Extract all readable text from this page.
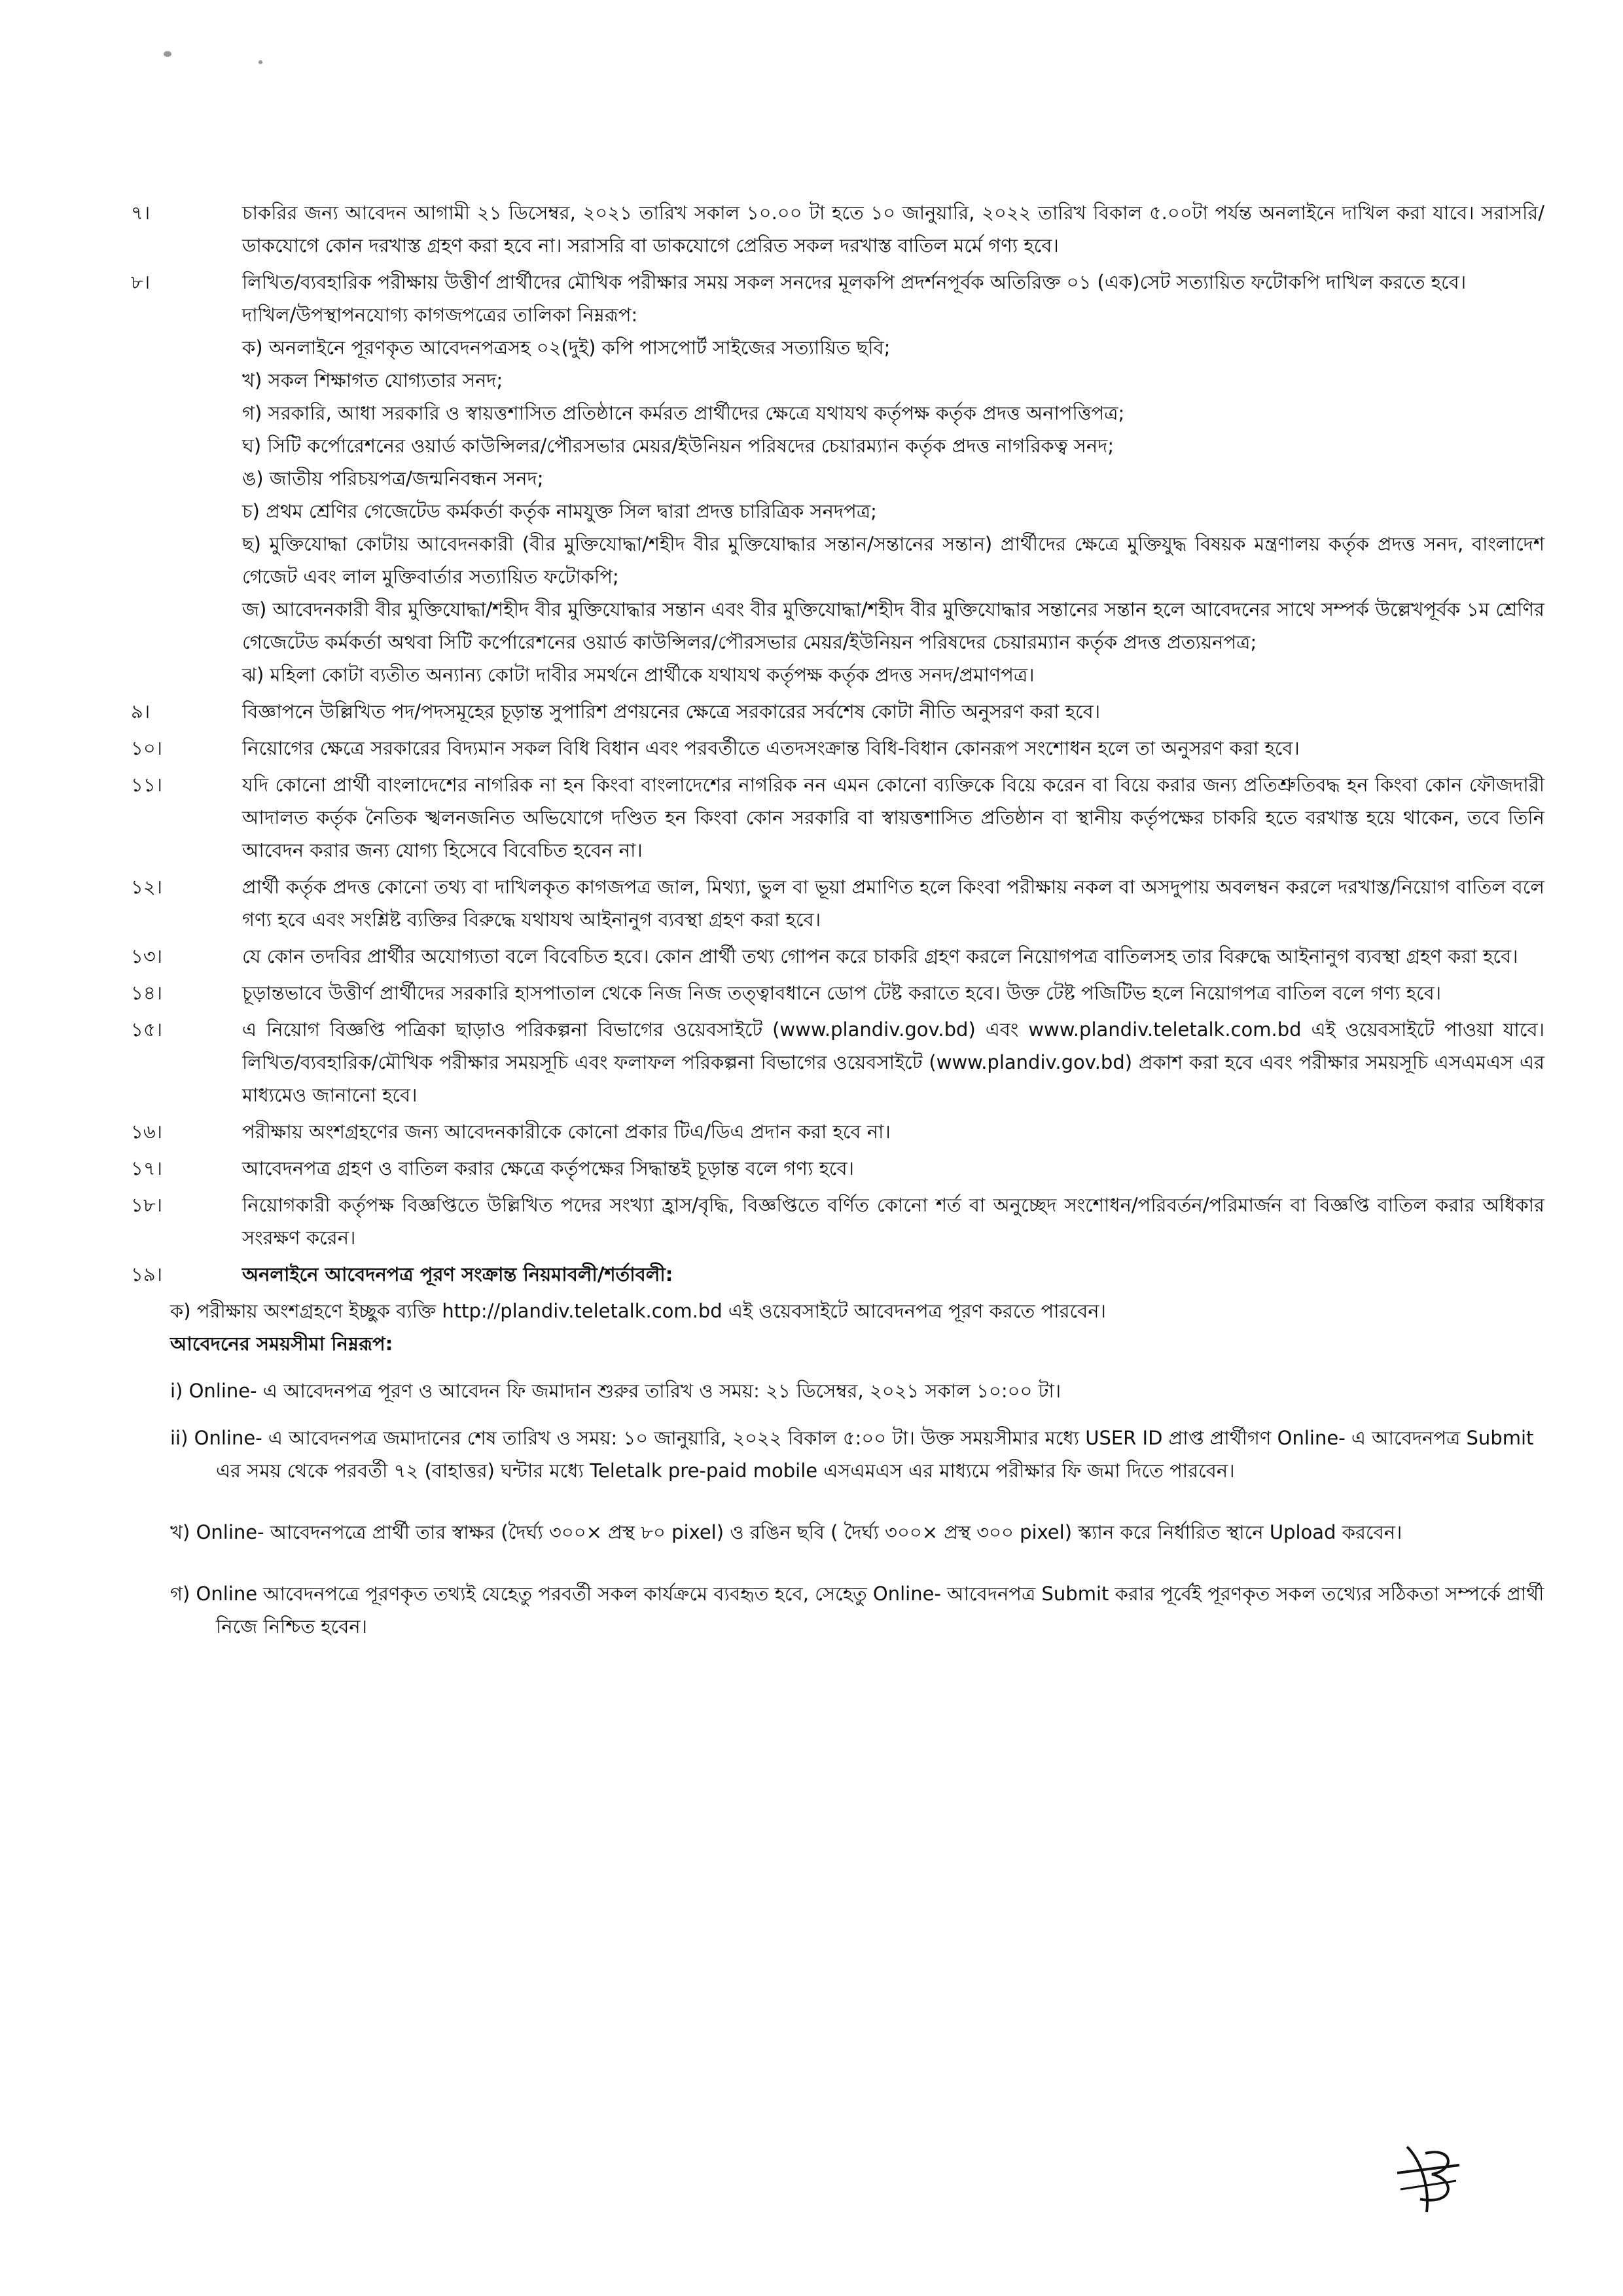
৭।	চাকরির জন্য আবেদন আগামী ২১ ডিসেম্বর, ২০২১ তারিখ সকাল ১০.০০ টা হতে ১০ জানুয়ারি, ২০২২ তারিখ বিকাল ৫.০০টা পর্যন্ত অনলাইনে দাখিল করা যাবে। সরাসরি/ডাকযোগে কোন দরখাস্ত গ্রহণ করা হবে না। সরাসরি বা ডাকযোগে প্রেরিত সকল দরখাস্ত বাতিল মর্মে গণ্য হবে।
৮।	লিখিত/ব্যবহারিক পরীক্ষায় উত্তীর্ণ প্রার্থীদের মৌখিক পরীক্ষার সময় সকল সনদের মূলকপি প্রদর্শনপূর্বক অতিরিক্ত ০১ (এক)সেট সত্যায়িত ফটোকপি দাখিল করতে হবে।

দাখিল/উপস্থাপনযোগ্য কাগজপত্রের তালিকা নিম্নরূপ:

ক) অনলাইনে পূরণকৃত আবেদনপত্রসহ ০২(দুই) কপি পাসপোর্ট সাইজের সত্যায়িত ছবি;

খ) সকল শিক্ষাগত যোগ্যতার সনদ;

গ) সরকারি, আধা সরকারি ও স্বায়ত্তশাসিত প্রতিষ্ঠানে কর্মরত প্রার্থীদের ক্ষেত্রে যথাযথ কর্তৃপক্ষ কর্তৃক প্রদত্ত অনাপত্তিপত্র;

ঘ) সিটি কর্পোরেশনের ওয়ার্ড কাউন্সিলর/পৌরসভার মেয়র/ইউনিয়ন পরিষদের চেয়ারম্যান কর্তৃক প্রদত্ত নাগরিকত্ব সনদ;

ঙ) জাতীয় পরিচয়পত্র/জন্মনিবন্ধন সনদ;

চ) প্রথম শ্রেণির গেজেটেড কর্মকর্তা কর্তৃক নামযুক্ত সিল দ্বারা প্রদত্ত চারিত্রিক সনদপত্র;

ছ) মুক্তিযোদ্ধা কোটায় আবেদনকারী (বীর মুক্তিযোদ্ধা/শহীদ বীর মুক্তিযোদ্ধার সন্তান/সন্তানের সন্তান) প্রার্থীদের ক্ষেত্রে মুক্তিযুদ্ধ বিষয়ক মন্ত্রণালয় কর্তৃক প্রদত্ত সনদ, বাংলাদেশ গেজেট এবং লাল মুক্তিবার্তার সত্যায়িত ফটোকপি;

জ) আবেদনকারী বীর মুক্তিযোদ্ধা/শহীদ বীর মুক্তিযোদ্ধার সন্তান এবং বীর মুক্তিযোদ্ধা/শহীদ বীর মুক্তিযোদ্ধার সন্তানের সন্তান হলে আবেদনের সাথে সম্পর্ক উল্লেখপূর্বক ১ম শ্রেণির গেজেটেড কর্মকর্তা অথবা সিটি কর্পোরেশনের ওয়ার্ড কাউন্সিলর/পৌরসভার মেয়র/ইউনিয়ন পরিষদের চেয়ারম্যান কর্তৃক প্রদত্ত প্রত্যয়নপত্র;

ঝ) মহিলা কোটা ব্যতীত অন্যান্য কোটা দাবীর সমর্থনে প্রার্থীকে যথাযথ কর্তৃপক্ষ কর্তৃক প্রদত্ত সনদ/প্রমাণপত্র।

৯।	বিজ্ঞাপনে উল্লিখিত পদ/পদসমূহের চূড়ান্ত সুপারিশ প্রণয়নের ক্ষেত্রে সরকারের সর্বশেষ কোটা নীতি অনুসরণ করা হবে।
১০।	নিয়োগের ক্ষেত্রে সরকারের বিদ্যমান সকল বিধি বিধান এবং পরবর্তীতে এতদসংক্রান্ত বিধি-বিধান কোনরূপ সংশোধন হলে তা অনুসরণ করা হবে।
১১।	যদি কোনো প্রার্থী বাংলাদেশের নাগরিক না হন কিংবা বাংলাদেশের নাগরিক নন এমন কোনো ব্যক্তিকে বিয়ে করেন বা বিয়ে করার জন্য প্রতিশ্রুতিবদ্ধ হন কিংবা কোন ফৌজদারী আদালত কর্তৃক নৈতিক স্খলনজনিত অভিযোগে দণ্ডিত হন কিংবা কোন সরকারি বা স্বায়ত্তশাসিত প্রতিষ্ঠান বা স্থানীয় কর্তৃপক্ষের চাকরি হতে বরখাস্ত হয়ে থাকেন, তবে তিনি আবেদন করার জন্য যোগ্য হিসেবে বিবেচিত হবেন না।
১২।	প্রার্থী কর্তৃক প্রদত্ত কোনো তথ্য বা দাখিলকৃত কাগজপত্র জাল, মিথ্যা, ভুল বা ভূয়া প্রমাণিত হলে কিংবা পরীক্ষায় নকল বা অসদুপায় অবলম্বন করলে দরখাস্ত/নিয়োগ বাতিল বলে গণ্য হবে এবং সংশ্লিষ্ট ব্যক্তির বিরুদ্ধে যথাযথ আইনানুগ ব্যবস্থা গ্রহণ করা হবে।
১৩।	যে কোন তদবির প্রার্থীর অযোগ্যতা বলে বিবেচিত হবে। কোন প্রার্থী তথ্য গোপন করে চাকরি গ্রহণ করলে নিয়োগপত্র বাতিলসহ তার বিরুদ্ধে আইনানুগ ব্যবস্থা গ্রহণ করা হবে।
১৪।	চূড়ান্তভাবে উত্তীর্ণ প্রার্থীদের সরকারি হাসপাতাল থেকে নিজ নিজ তত্ত্বাবধানে ডোপ টেষ্ট করাতে হবে। উক্ত টেষ্ট পজিটিভ হলে নিয়োগপত্র বাতিল বলে গণ্য হবে।
১৫।	এ নিয়োগ বিজ্ঞপ্তি পত্রিকা ছাড়াও পরিকল্পনা বিভাগের ওয়েবসাইটে (www.plandiv.gov.bd) এবং www.plandiv.teletalk.com.bd এই ওয়েবসাইটে পাওয়া যাবে। লিখিত/ব্যবহারিক/মৌখিক পরীক্ষার সময়সূচি এবং ফলাফল পরিকল্পনা বিভাগের ওয়েবসাইটে (www.plandiv.gov.bd) প্রকাশ করা হবে এবং পরীক্ষার সময়সূচি এসএমএস এর মাধ্যমেও জানানো হবে।
১৬।	পরীক্ষায় অংশগ্রহণের জন্য আবেদনকারীকে কোনো প্রকার টিএ/ডিএ প্রদান করা হবে না।
১৭।	আবেদনপত্র গ্রহণ ও বাতিল করার ক্ষেত্রে কর্তৃপক্ষের সিদ্ধান্তই চূড়ান্ত বলে গণ্য হবে।
১৮।	নিয়োগকারী কর্তৃপক্ষ বিজ্ঞপ্তিতে উল্লিখিত পদের সংখ্যা হ্রাস/বৃদ্ধি, বিজ্ঞপ্তিতে বর্ণিত কোনো শর্ত বা অনুচ্ছেদ সংশোধন/পরিবর্তন/পরিমার্জন বা বিজ্ঞপ্তি বাতিল করার অধিকার সংরক্ষণ করেন।
১৯।	অনলাইনে আবেদনপত্র পূরণ সংক্রান্ত নিয়মাবলী/শর্তাবলী:

ক) পরীক্ষায় অংশগ্রহণে ইচ্ছুক ব্যক্তি http://plandiv.teletalk.com.bd এই ওয়েবসাইটে আবেদনপত্র পূরণ করতে পারবেন।

আবেদনের সময়সীমা নিম্নরূপ:

i) Online- এ আবেদনপত্র পূরণ ও আবেদন ফি জমাদান শুরুর তারিখ ও সময়: ২১ ডিসেম্বর, ২০২১ সকাল ১০:০০ টা।

ii) Online- এ আবেদনপত্র জমাদানের শেষ তারিখ ও সময়: ১০ জানুয়ারি, ২০২২ বিকাল ৫:০০ টা। উক্ত সময়সীমার মধ্যে USER ID প্রাপ্ত প্রার্থীগণ Online- এ আবেদনপত্র Submit এর সময় থেকে পরবর্তী ৭২ (বাহাত্তর) ঘন্টার মধ্যে Teletalk pre-paid mobile এসএমএস এর মাধ্যমে পরীক্ষার ফি জমা দিতে পারবেন।

খ) Online- আবেদনপত্রে প্রার্থী তার স্বাক্ষর (দৈর্ঘ্য ৩০০× প্রস্থ ৮০ pixel) ও রঙিন ছবি ( দৈর্ঘ্য ৩০০× প্রস্থ ৩০০ pixel) স্ক্যান করে নির্ধারিত স্থানে Upload করবেন।

গ) Online আবেদনপত্রে পূরণকৃত তথ্যই যেহেতু পরবর্তী সকল কার্যক্রমে ব্যবহৃত হবে, সেহেতু Online- আবেদনপত্র Submit করার পূর্বেই পূরণকৃত সকল তথ্যের সঠিকতা সম্পর্কে প্রার্থী নিজে নিশ্চিত হবেন।
